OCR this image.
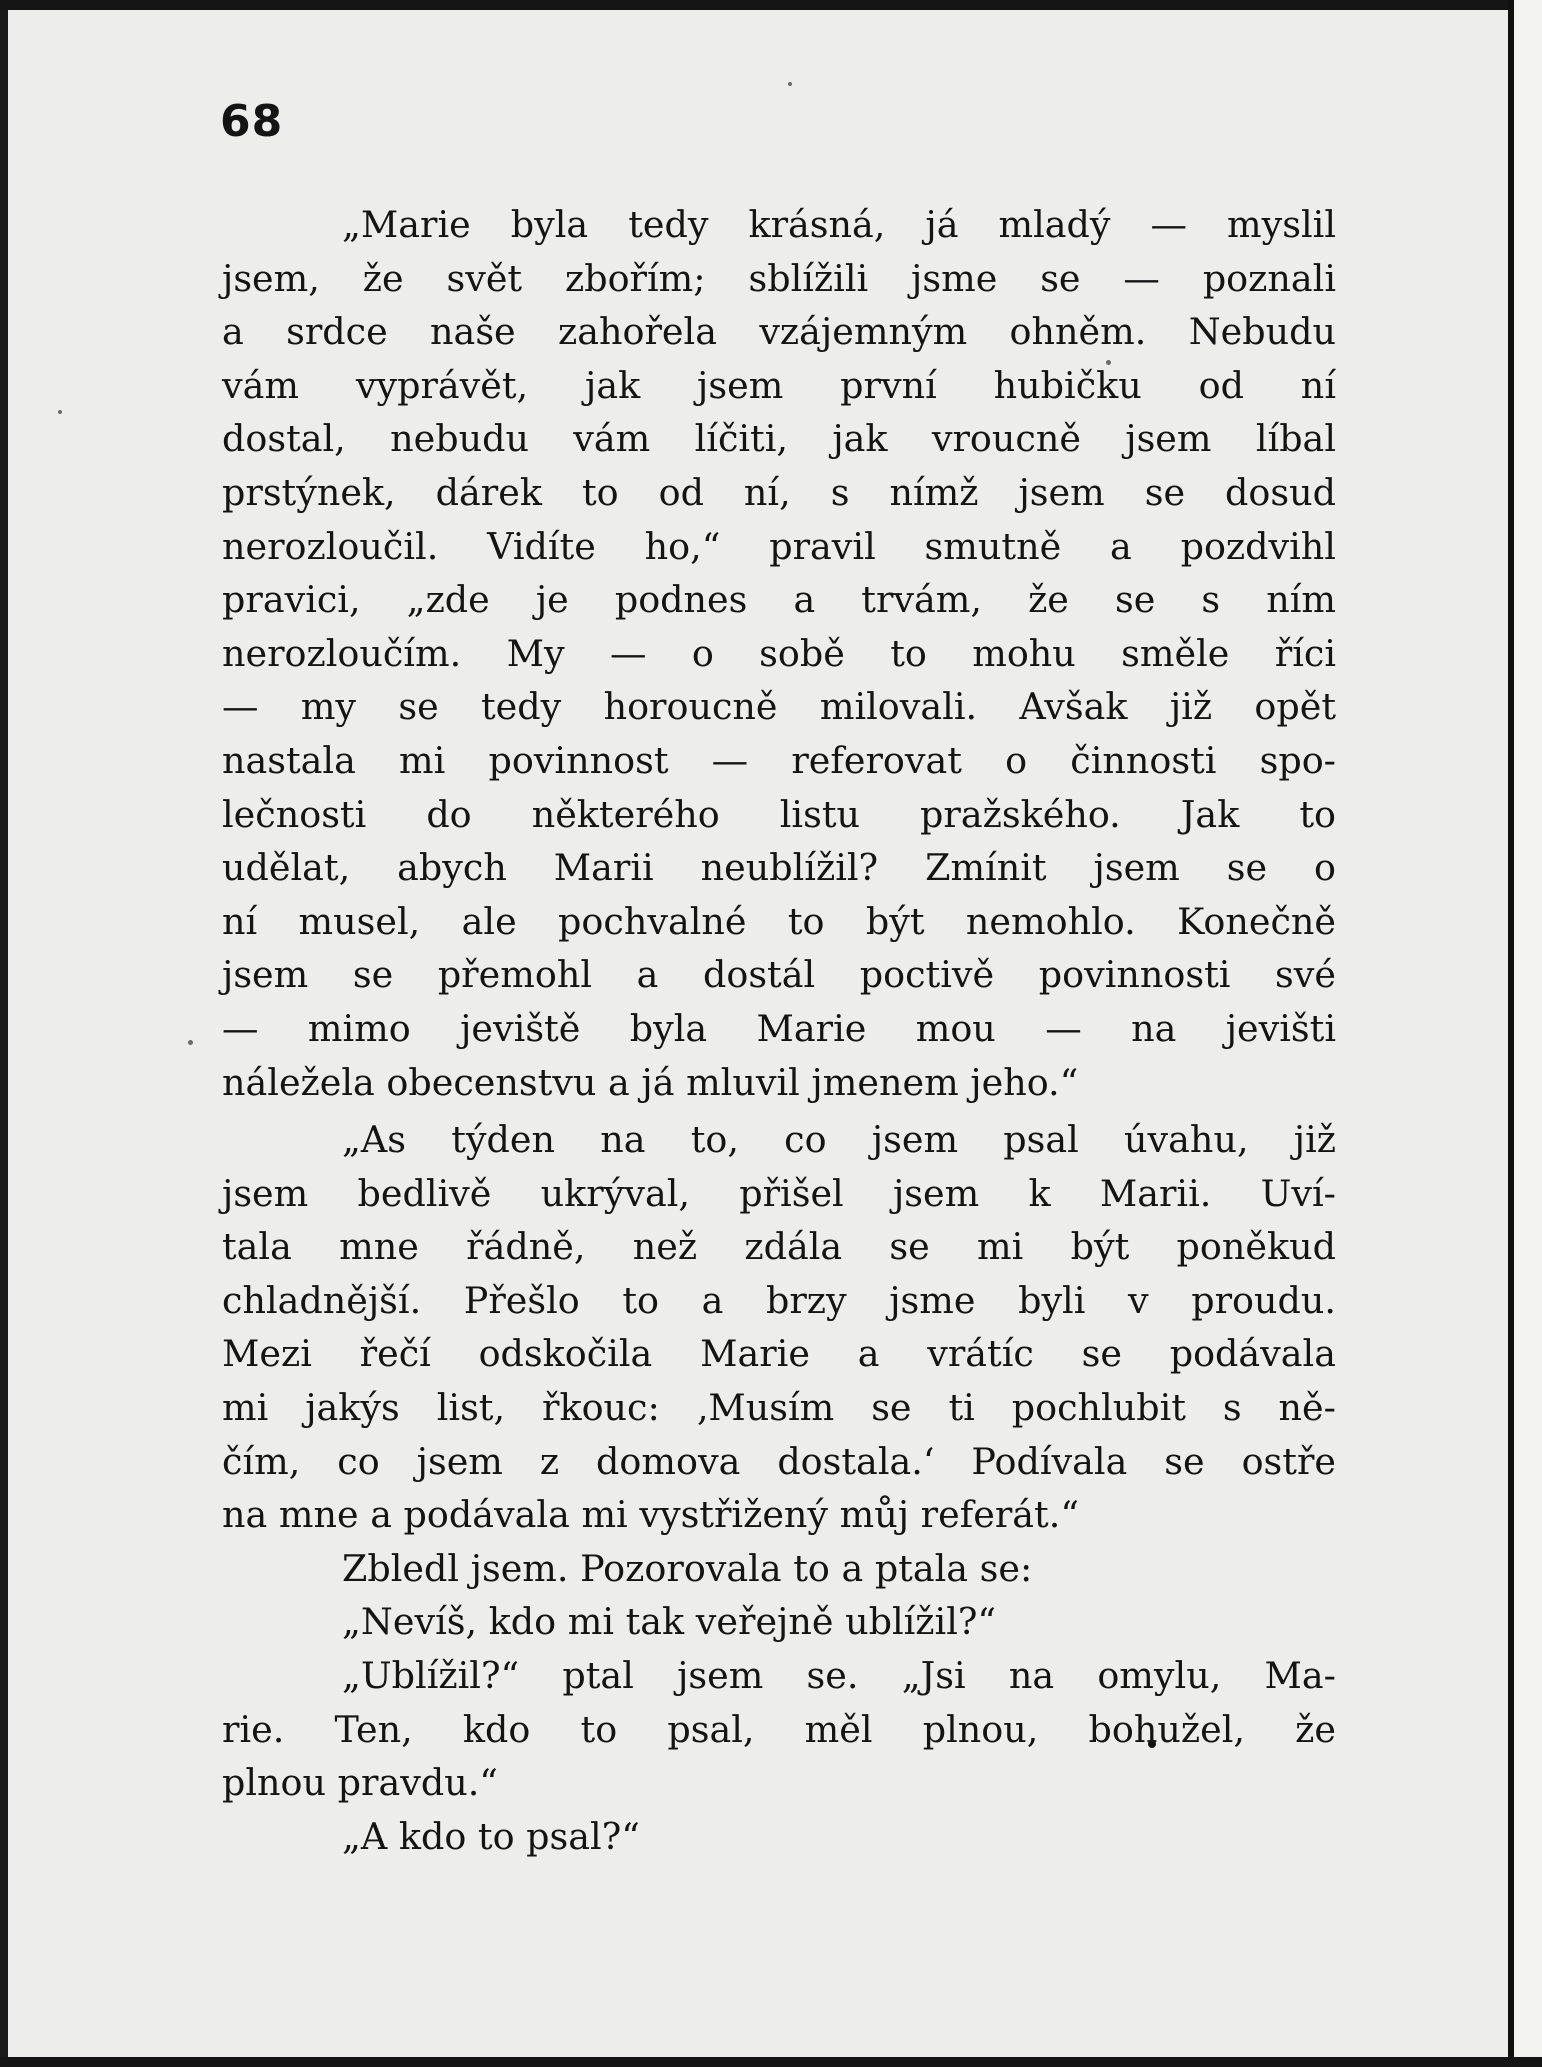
68
„Marie byla tedy krásná, já mladý — myslil
jsem, že svět zbořím; sblížili jsme se — poznali
a srdce naše zahořela vzájemným ohněm. Nebudu
vám vyprávět, jak jsem první hubičku od ní
dostal, nebudu vám líčiti, jak vroucně jsem líbal
prstýnek, dárek to od ní, s nímž jsem se dosud
nerozloučil. Vidíte ho,“ pravil smutně a pozdvihl
pravici, „zde je podnes a trvám, že se s ním
nerozloučím. My — o sobě to mohu směle říci
— my se tedy horoucně milovali. Avšak již opět
nastala mi povinnost — referovat o činnosti spo-
lečnosti do některého listu pražského. Jak to
udělat, abych Marii neublížil? Zmínit jsem se o
ní musel, ale pochvalné to být nemohlo. Konečně
jsem se přemohl a dostál poctivě povinnosti své
— mimo jeviště byla Marie mou — na jevišti
náležela obecenstvu a já mluvil jmenem jeho.“
„As týden na to, co jsem psal úvahu, již
jsem bedlivě ukrýval, přišel jsem k Marii. Uví-
tala mne řádně, než zdála se mi být poněkud
chladnější. Přešlo to a brzy jsme byli v proudu.
Mezi řečí odskočila Marie a vrátíc se podávala
mi jakýs list, řkouc: ‚Musím se ti pochlubit s ně-
čím, co jsem z domova dostala.‘ Podívala se ostře
na mne a podávala mi vystřižený můj referát.“
Zbledl jsem. Pozorovala to a ptala se:
„Nevíš, kdo mi tak veřejně ublížil?“
„Ublížil?“ ptal jsem se. „Jsi na omylu, Ma-
rie. Ten, kdo to psal, měl plnou, bohužel, že
plnou pravdu.“
„A kdo to psal?“
